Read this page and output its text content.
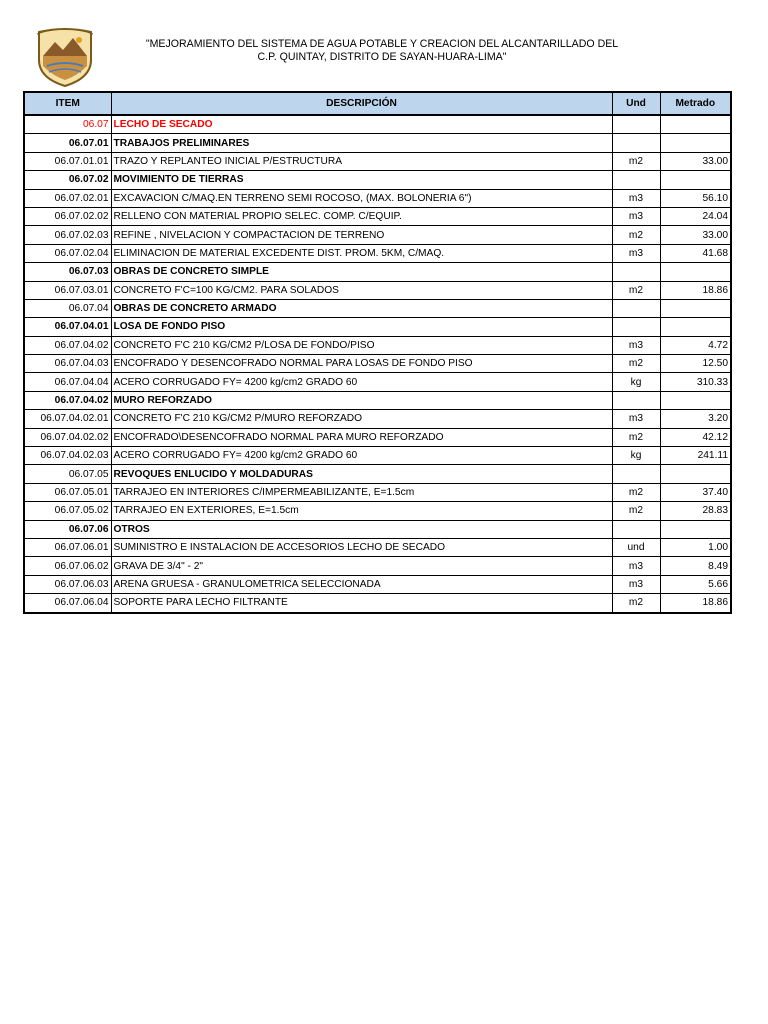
"MEJORAMIENTO DEL SISTEMA DE AGUA POTABLE Y CREACION DEL ALCANTARILLADO DEL
C.P. QUINTAY, DISTRITO DE SAYAN-HUARA-LIMA"
ITEM	DESCRIPCIÓN	Und	Metrado
06.07	LECHO DE SECADO		
06.07.01	TRABAJOS PRELIMINARES		
06.07.01.01	TRAZO Y REPLANTEO INICIAL P/ESTRUCTURA	m2	33.00
06.07.02	MOVIMIENTO DE TIERRAS		
06.07.02.01	EXCAVACION C/MAQ.EN TERRENO SEMI ROCOSO, (MAX. BOLONERIA 6")	m3	56.10
06.07.02.02	RELLENO CON MATERIAL PROPIO SELEC. COMP. C/EQUIP.	m3	24.04
06.07.02.03	REFINE , NIVELACION Y COMPACTACION DE TERRENO	m2	33.00
06.07.02.04	ELIMINACION DE MATERIAL EXCEDENTE DIST. PROM. 5KM, C/MAQ.	m3	41.68
06.07.03	OBRAS DE CONCRETO SIMPLE		
06.07.03.01	CONCRETO F'C=100 KG/CM2. PARA SOLADOS	m2	18.86
06.07.04	OBRAS DE CONCRETO ARMADO		
06.07.04.01	LOSA DE FONDO PISO		
06.07.04.02	CONCRETO F'C 210 KG/CM2 P/LOSA DE FONDO/PISO	m3	4.72
06.07.04.03	ENCOFRADO Y DESENCOFRADO NORMAL PARA LOSAS DE FONDO PISO	m2	12.50
06.07.04.04	ACERO CORRUGADO FY= 4200 kg/cm2 GRADO 60	kg	310.33
06.07.04.02	MURO REFORZADO		
06.07.04.02.01	CONCRETO F'C 210 KG/CM2 P/MURO REFORZADO	m3	3.20
06.07.04.02.02	ENCOFRADO\DESENCOFRADO NORMAL PARA MURO REFORZADO	m2	42.12
06.07.04.02.03	ACERO CORRUGADO FY= 4200 kg/cm2 GRADO 60	kg	241.11
06.07.05	REVOQUES ENLUCIDO Y MOLDADURAS		
06.07.05.01	TARRAJEO EN INTERIORES C/IMPERMEABILIZANTE, E=1.5cm	m2	37.40
06.07.05.02	TARRAJEO EN EXTERIORES, E=1.5cm	m2	28.83
06.07.06	OTROS		
06.07.06.01	SUMINISTRO E INSTALACION DE ACCESORIOS LECHO DE SECADO	und	1.00
06.07.06.02	GRAVA DE 3/4" - 2"	m3	8.49
06.07.06.03	ARENA GRUESA - GRANULOMETRICA SELECCIONADA	m3	5.66
06.07.06.04	SOPORTE PARA LECHO FILTRANTE	m2	18.86
